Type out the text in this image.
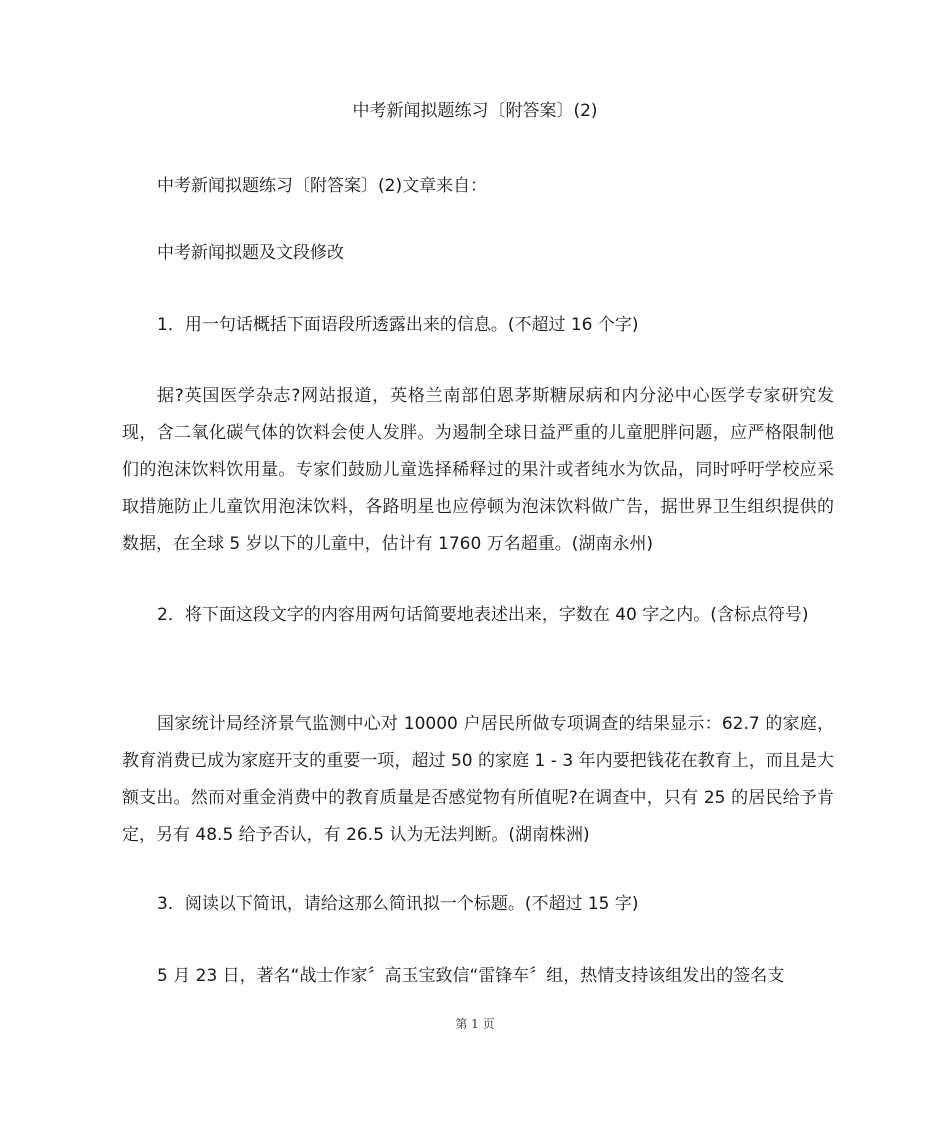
中考新闻拟题练习〔附答案〕(2)

中考新闻拟题练习〔附答案〕(2)文章来自：

中考新闻拟题及文段修改

1．用一句话概括下面语段所透露出来的信息。(不超过 16 个字)

据?英国医学杂志?网站报道，英格兰南部伯恩茅斯糖尿病和内分泌中心医学专家研究发现，含二氧化碳气体的饮料会使人发胖。为遏制全球日益严重的儿童肥胖问题，应严格限制他们的泡沫饮料饮用量。专家们鼓励儿童选择稀释过的果汁或者纯水为饮品，同时呼吁学校应采取措施防止儿童饮用泡沫饮料，各路明星也应停顿为泡沫饮料做广告，据世界卫生组织提供的数据，在全球 5 岁以下的儿童中，估计有 1760 万名超重。(湖南永州)

2．将下面这段文字的内容用两句话简要地表述出来，字数在 40 字之内。(含标点符号)

国家统计局经济景气监测中心对 10000 户居民所做专项调查的结果显示：62.7 的家庭，教育消费已成为家庭开支的重要一项，超过 50 的家庭 1 - 3 年内要把钱花在教育上，而且是大额支出。然而对重金消费中的教育质量是否感觉物有所值呢?在调查中，只有 25 的居民给予肯定，另有 48.5 给予否认，有 26.5 认为无法判断。(湖南株洲)

3．阅读以下简讯，请给这那么简讯拟一个标题。(不超过 15 字)

5 月 23 日，著名“战士作家〞高玉宝致信“雷锋车〞组，热情支持该组发出的签名支

第 1 页
